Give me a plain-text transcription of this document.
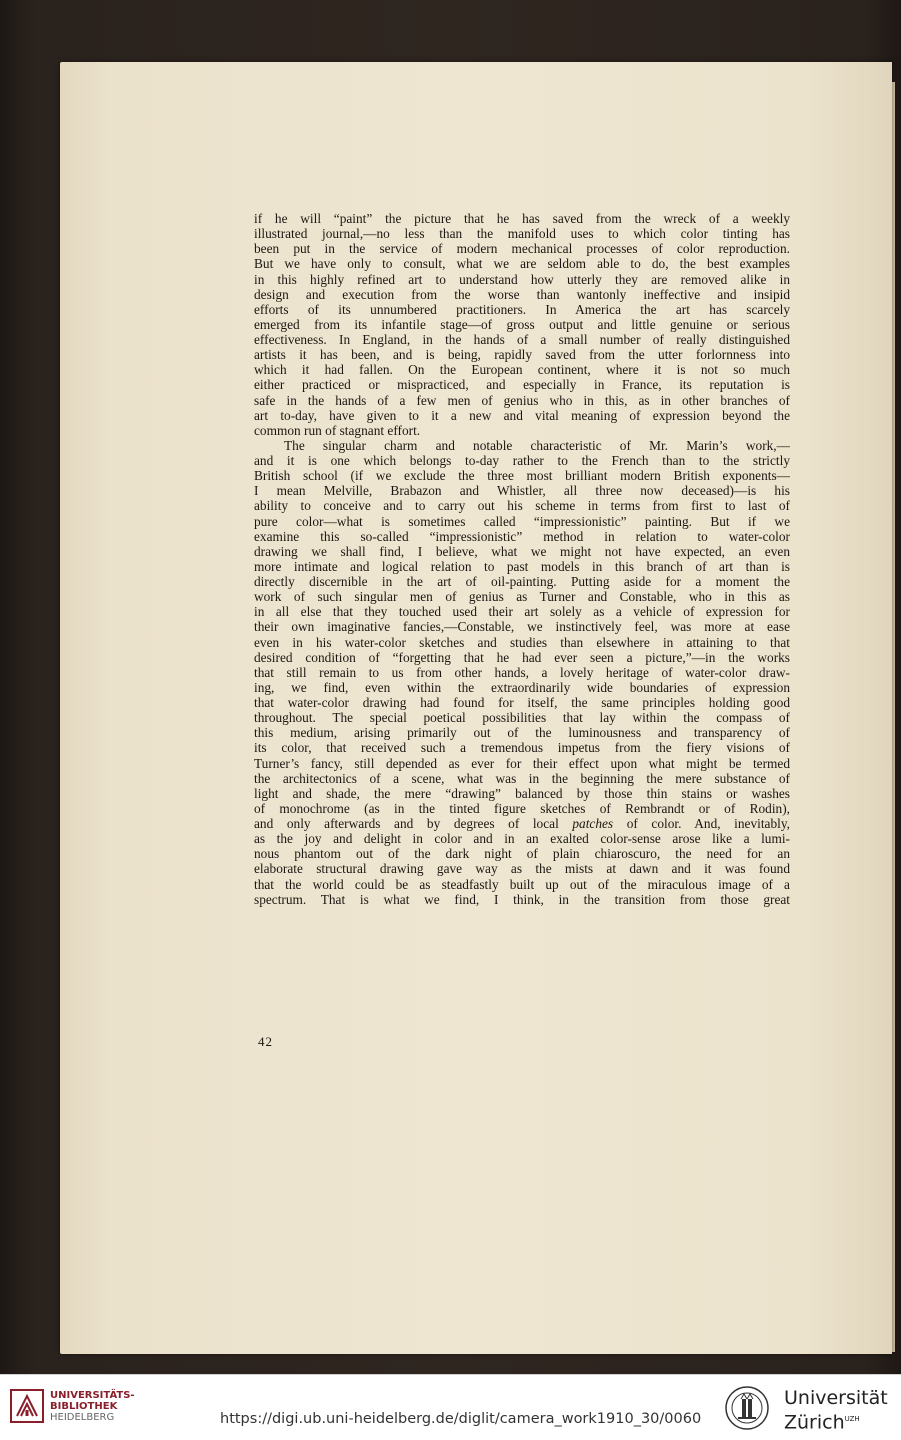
if he will “paint” the picture that he has saved from the wreck of a weekly
illustrated journal,—no less than the manifold uses to which color tinting has
been put in the service of modern mechanical processes of color reproduction.
But we have only to consult, what we are seldom able to do, the best examples
in this highly refined art to understand how utterly they are removed alike in
design and execution from the worse than wantonly ineffective and insipid
efforts of its unnumbered practitioners. In America the art has scarcely
emerged from its infantile stage—of gross output and little genuine or serious
effectiveness. In England, in the hands of a small number of really distinguished
artists it has been, and is being, rapidly saved from the utter forlornness into
which it had fallen. On the European continent, where it is not so much
either practiced or mispracticed, and especially in France, its reputation is
safe in the hands of a few men of genius who in this, as in other branches of
art to-day, have given to it a new and vital meaning of expression beyond the
common run of stagnant effort.
The singular charm and notable characteristic of Mr. Marin’s work,—
and it is one which belongs to-day rather to the French than to the strictly
British school (if we exclude the three most brilliant modern British exponents—
I mean Melville, Brabazon and Whistler, all three now deceased)—is his
ability to conceive and to carry out his scheme in terms from first to last of
pure color—what is sometimes called “impressionistic” painting. But if we
examine this so-called “impressionistic” method in relation to water-color
drawing we shall find, I believe, what we might not have expected, an even
more intimate and logical relation to past models in this branch of art than is
directly discernible in the art of oil-painting. Putting aside for a moment the
work of such singular men of genius as Turner and Constable, who in this as
in all else that they touched used their art solely as a vehicle of expression for
their own imaginative fancies,—Constable, we instinctively feel, was more at ease
even in his water-color sketches and studies than elsewhere in attaining to that
desired condition of “forgetting that he had ever seen a picture,”—in the works
that still remain to us from other hands, a lovely heritage of water-color draw-
ing, we find, even within the extraordinarily wide boundaries of expression
that water-color drawing had found for itself, the same principles holding good
throughout. The special poetical possibilities that lay within the compass of
this medium, arising primarily out of the luminousness and transparency of
its color, that received such a tremendous impetus from the fiery visions of
Turner’s fancy, still depended as ever for their effect upon what might be termed
the architectonics of a scene, what was in the beginning the mere substance of
light and shade, the mere “drawing” balanced by those thin stains or washes
of monochrome (as in the tinted figure sketches of Rembrandt or of Rodin),
and only afterwards and by degrees of local patches of color. And, inevitably,
as the joy and delight in color and in an exalted color-sense arose like a lumi-
nous phantom out of the dark night of plain chiaroscuro, the need for an
elaborate structural drawing gave way as the mists at dawn and it was found
that the world could be as steadfastly built up out of the miraculous image of a
spectrum. That is what we find, I think, in the transition from those great
42
UNIVERSITÄTS-
BIBLIOTHEK
HEIDELBERG	https://digi.ub.uni-heidelberg.de/diglit/camera_work1910_30/0060
Universität
Zürich$^{UZH}$
